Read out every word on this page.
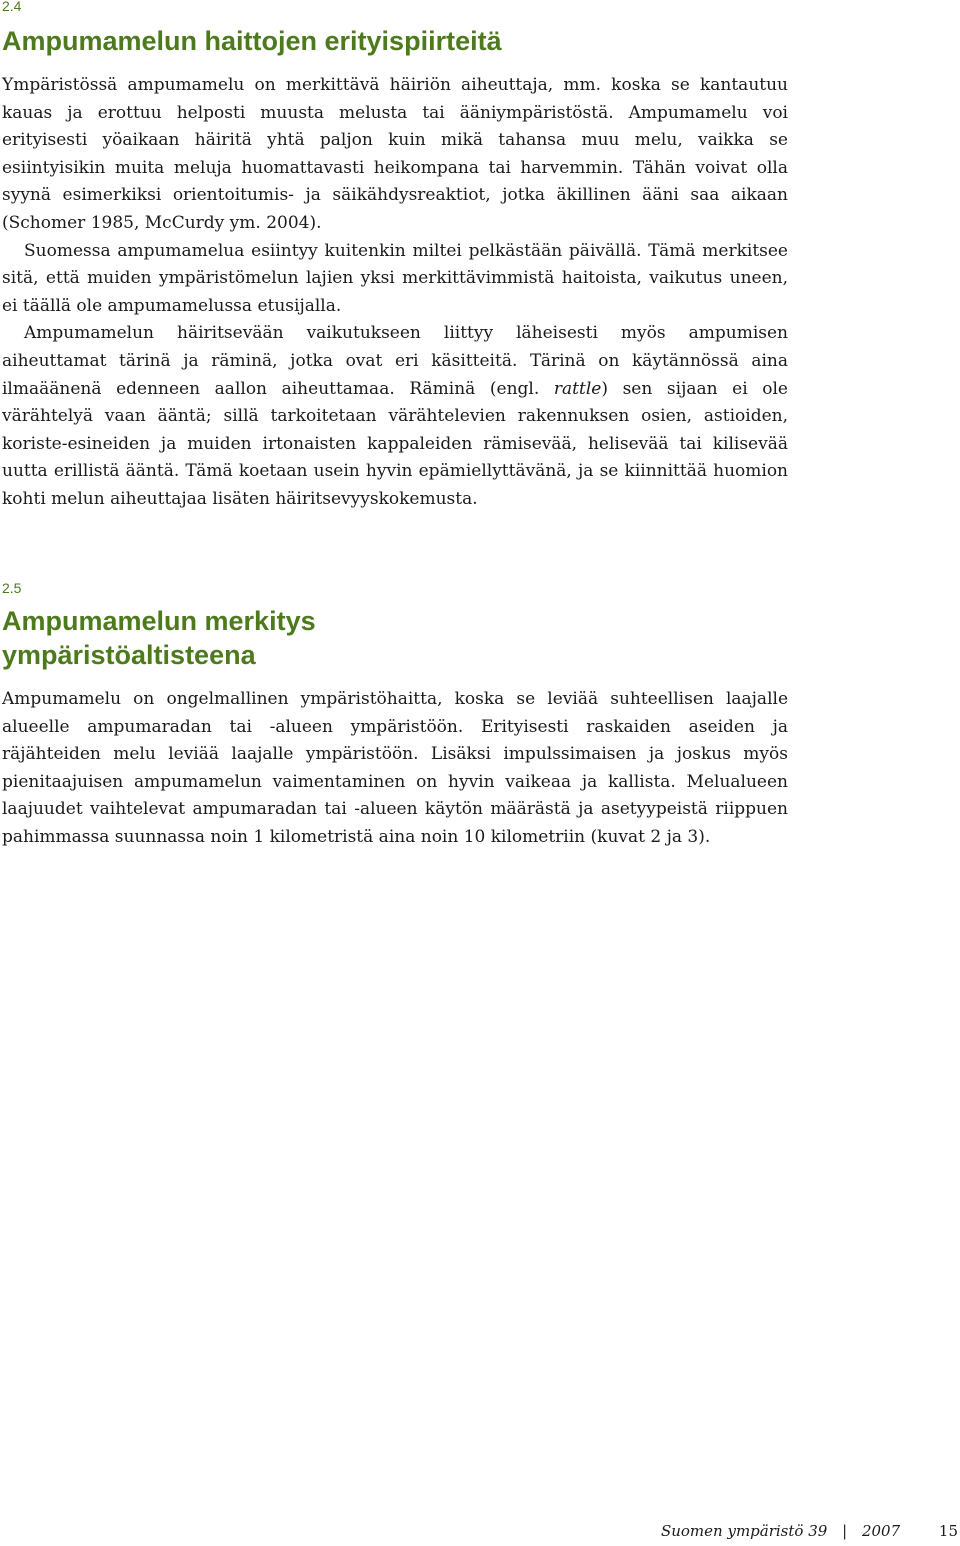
2.4
Ampumamelun haittojen erityispiirteitä

Ympäristössä ampumamelu on merkittävä häiriön aiheuttaja, mm. koska se kantautuu kauas ja erottuu helposti muusta melusta tai ääniympäristöstä. Ampumamelu voi erityisesti yöaikaan häiritä yhtä paljon kuin mikä tahansa muu melu, vaikka se esiintyisikin muita meluja huomattavasti heikompana tai harvemmin. Tähän voivat olla syynä esimerkiksi orientoitumis- ja säikähdysreaktiot, jotka äkillinen ääni saa aikaan (Schomer 1985, McCurdy ym. 2004).

Suomessa ampumamelua esiintyy kuitenkin miltei pelkästään päivällä. Tämä merkitsee sitä, että muiden ympäristömelun lajien yksi merkittävimmistä haitoista, vaikutus uneen, ei täällä ole ampumamelussa etusijalla.

Ampumamelun häiritsevään vaikutukseen liittyy läheisesti myös ampumisen aiheuttamat tärinä ja räminä, jotka ovat eri käsitteitä. Tärinä on käytännössä aina ilmaäänenä edenneen aallon aiheuttamaa. Räminä (engl. rattle) sen sijaan ei ole värähtelyä vaan ääntä; sillä tarkoitetaan värähtelevien rakennuksen osien, astioiden, koriste-esineiden ja muiden irtonaisten kappaleiden rämisevää, helisevää tai kilisevää uutta erillistä ääntä. Tämä koetaan usein hyvin epämiellyttävänä, ja se kiinnittää huomion kohti melun aiheuttajaa lisäten häiritsevyyskokemusta.

2.5
Ampumamelun merkitys
ympäristöaltisteena

Ampumamelu on ongelmallinen ympäristöhaitta, koska se leviää suhteellisen laajalle alueelle ampumaradan tai -alueen ympäristöön. Erityisesti raskaiden aseiden ja räjähteiden melu leviää laajalle ympäristöön. Lisäksi impulssimaisen ja joskus myös pienitaajuisen ampumamelun vaimentaminen on hyvin vaikeaa ja kallista. Melualueen laajuudet vaihtelevat ampumaradan tai -alueen käytön määrästä ja asetyypeistä riippuen pahimmassa suunnassa noin 1 kilometristä aina noin 10 kilometriin (kuvat 2 ja 3).

Suomen ympäristö 39 | 2007	15
